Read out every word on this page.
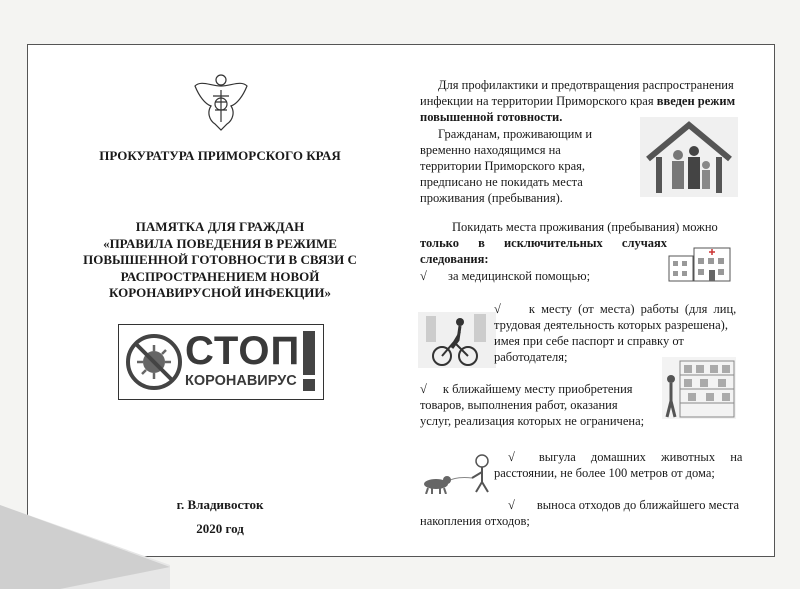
ПРОКУРАТУРА ПРИМОРСКОГО КРАЯ
ПАМЯТКА ДЛЯ ГРАЖДАН
«ПРАВИЛА ПОВЕДЕНИЯ В РЕЖИМЕ
ПОВЫШЕННОЙ ГОТОВНОСТИ В СВЯЗИ С
РАСПРОСТРАНЕНИЕМ НОВОЙ
КОРОНАВИРУСНОЙ ИНФЕКЦИИ»
СТОП
КОРОНАВИРУС
г. Владивосток
2020 год
Для профилактики и предотвращения распространения
инфекции на территории Приморского края введен режим
повышенной готовности.
Гражданам, проживающим и
временно находящимся на
территории Приморского края,
предписано не покидать места
проживания (пребывания).
Покидать места проживания (пребывания) можно
только в исключительных случаях
следования:
√ за медицинской помощью;
√ к месту (от места) работы (для лиц,
трудовая деятельность которых разрешена),
имея при себе паспорт и справку от
работодателя;
√ к ближайшему месту приобретения
товаров, выполнения работ, оказания
услуг, реализация которых не ограничена;
√ выгула домашних животных на
расстоянии, не более 100 метров от дома;
√ выноса отходов до ближайшего места
накопления отходов;
